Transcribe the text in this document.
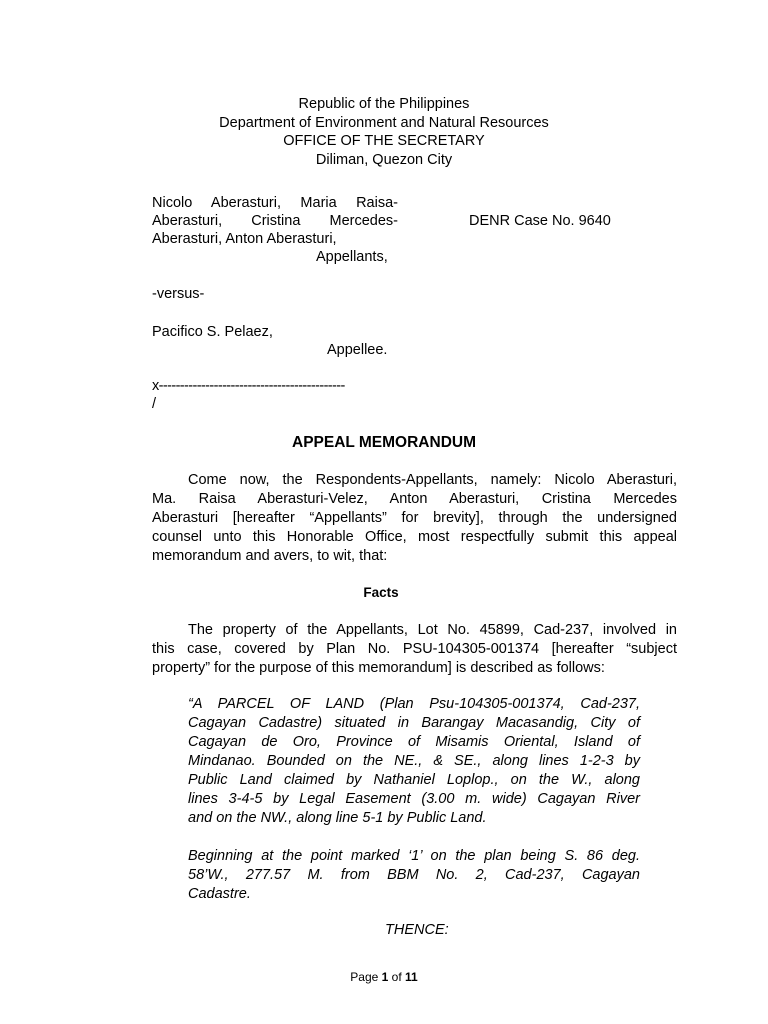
Republic of the Philippines
Department of Environment and Natural Resources
OFFICE OF THE SECRETARY
Diliman, Quezon City
Nicolo Aberasturi, Maria Raisa-
Aberasturi, Cristina Mercedes-
Aberasturi, Anton Aberasturi,
Appellants,
DENR Case No. 9640
-versus-
Pacifico S. Pelaez,
Appellee.
x--------------------------------------------
/
APPEAL MEMORANDUM
Come now, the Respondents-Appellants, namely: Nicolo Aberasturi,
Ma. Raisa Aberasturi-Velez, Anton Aberasturi, Cristina Mercedes
Aberasturi [hereafter “Appellants” for brevity], through the undersigned
counsel unto this Honorable Office, most respectfully submit this appeal
memorandum and avers, to wit, that:
Facts
The property of the Appellants, Lot No. 45899, Cad-237, involved in
this case, covered by Plan No. PSU-104305-001374 [hereafter “subject
property” for the purpose of this memorandum] is described as follows:
“A PARCEL OF LAND (Plan Psu-104305-001374, Cad-237,
Cagayan Cadastre) situated in Barangay Macasandig, City of
Cagayan de Oro, Province of Misamis Oriental, Island of
Mindanao. Bounded on the NE., & SE., along lines 1-2-3 by
Public Land claimed by Nathaniel Loplop., on the W., along
lines 3-4-5 by Legal Easement (3.00 m. wide) Cagayan River
and on the NW., along line 5-1 by Public Land.
Beginning at the point marked ‘1’ on the plan being S. 86 deg.
58’W., 277.57 M. from BBM No. 2, Cad-237, Cagayan
Cadastre.
THENCE:
Page 1 of 11
